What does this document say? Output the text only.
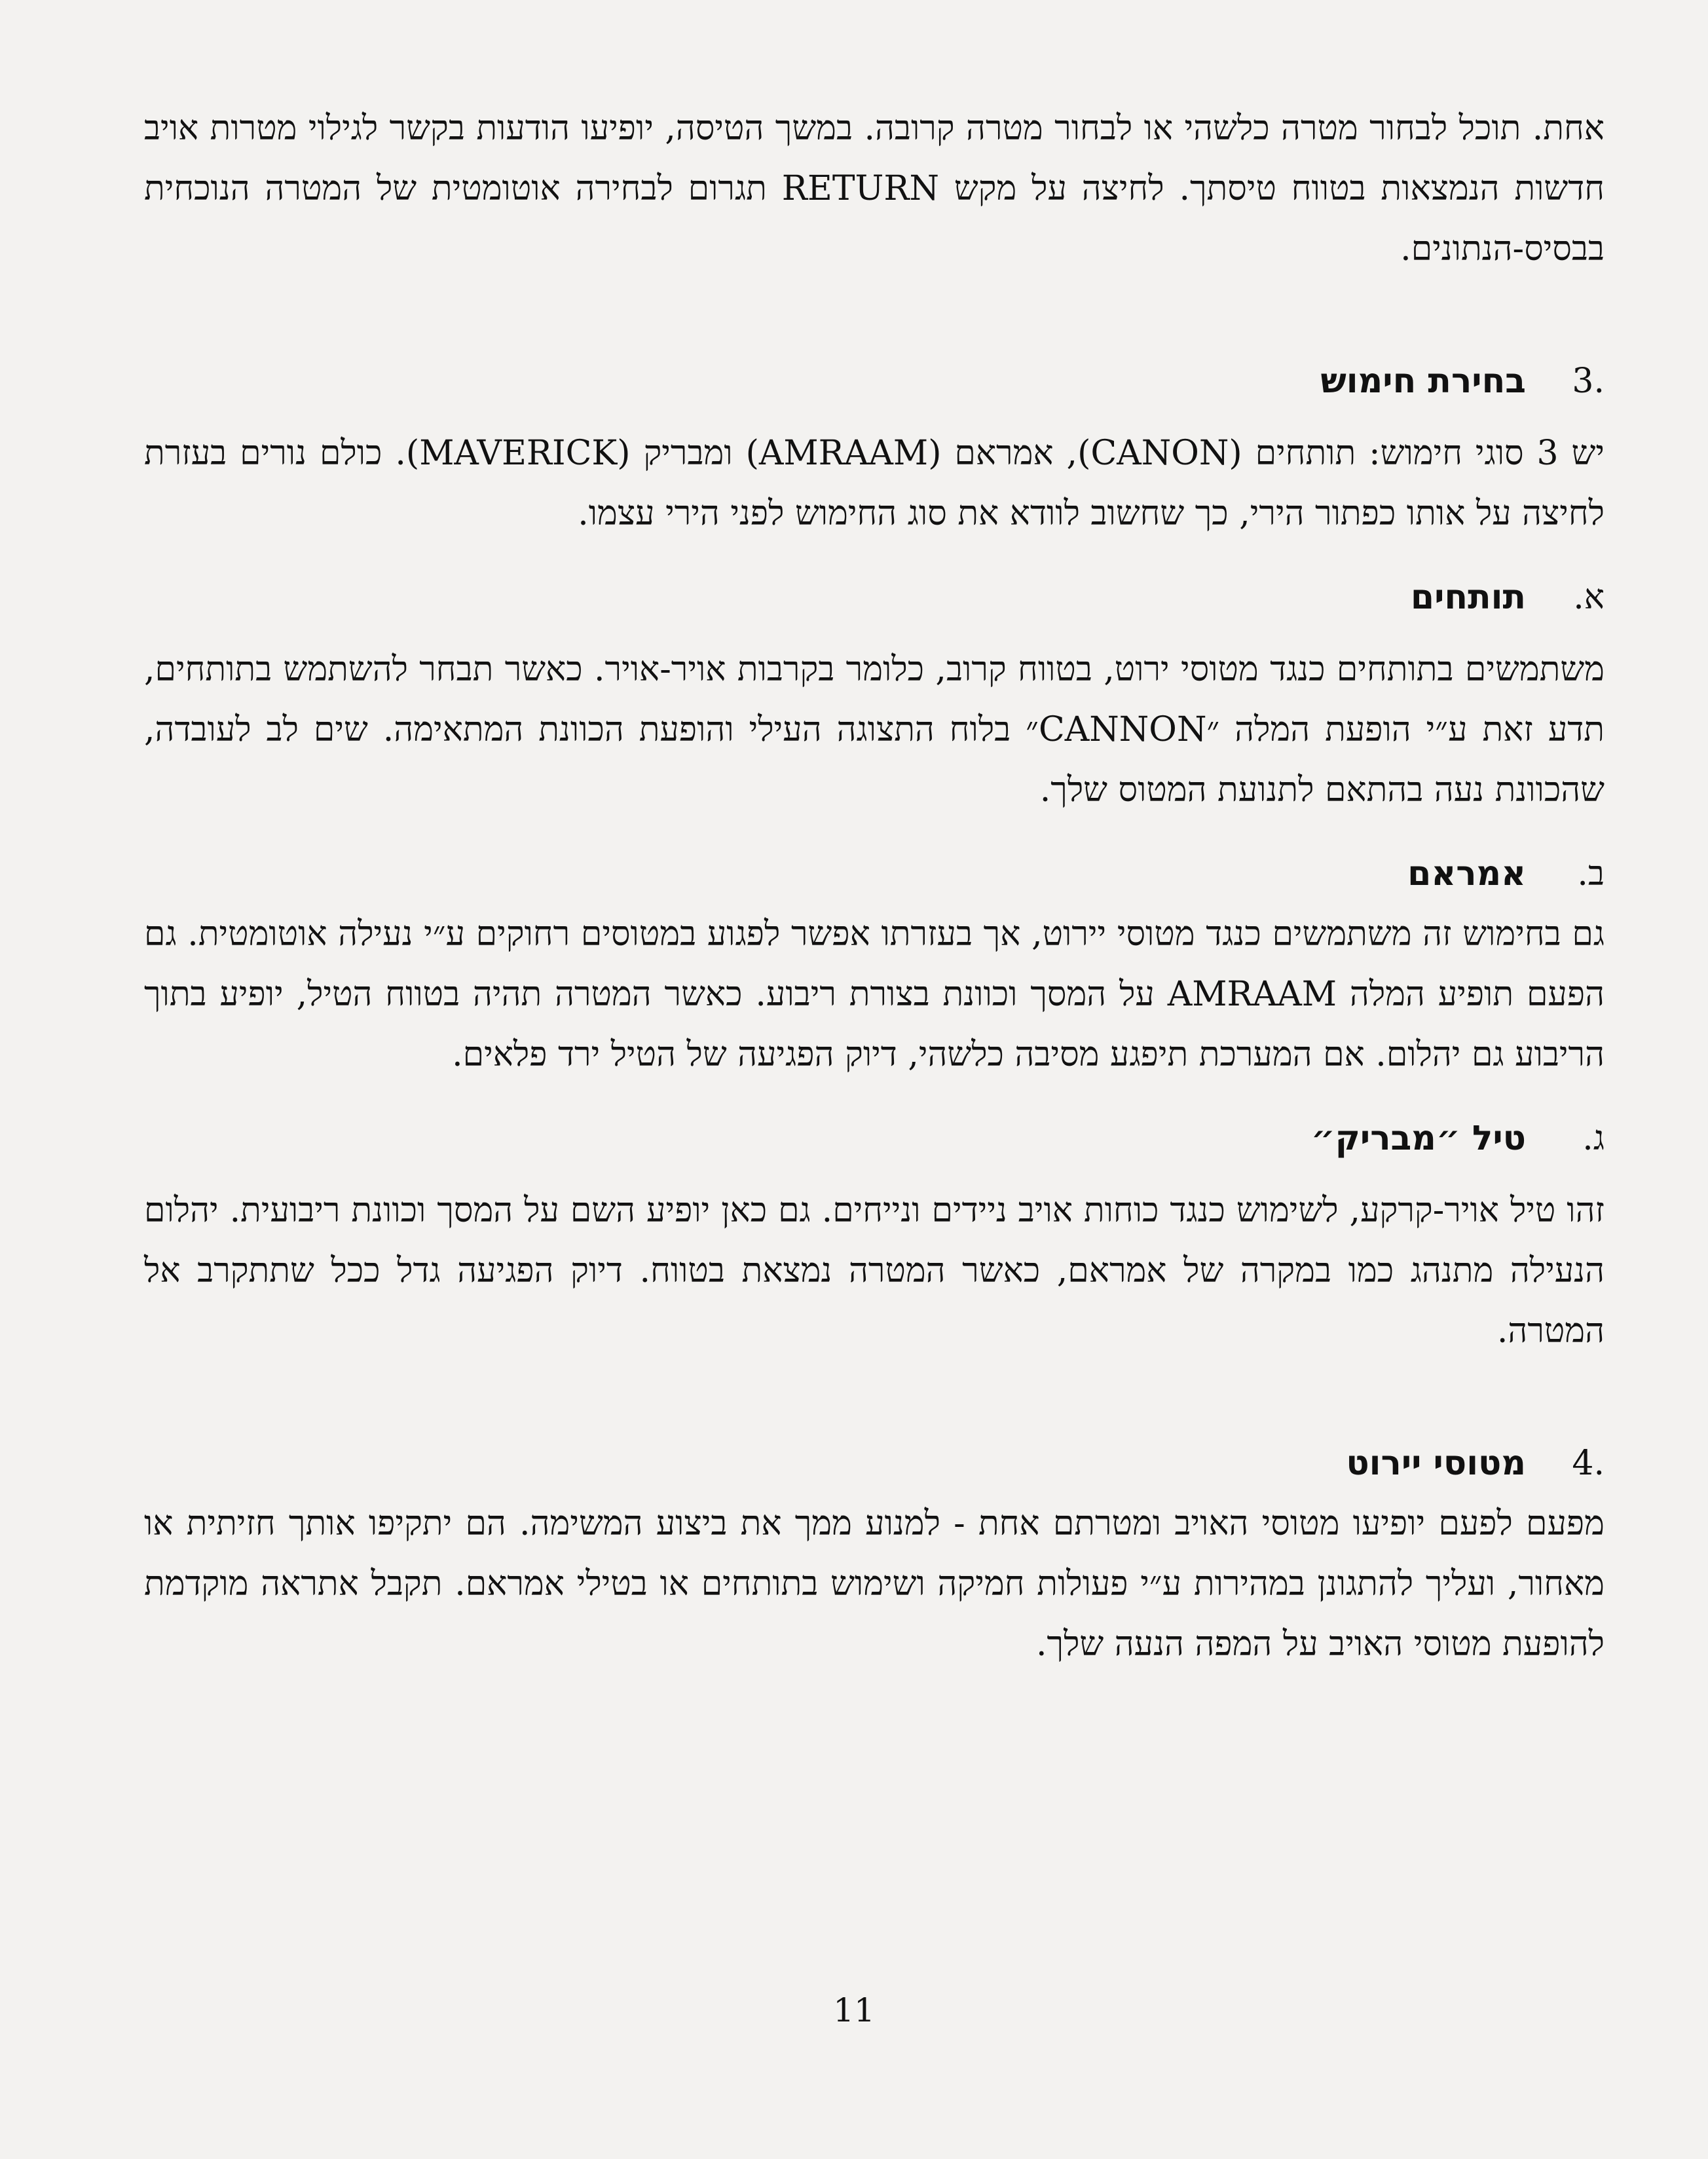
אחת. תוכל לבחור מטרה כלשהי או לבחור מטרה קרובה. במשך הטיסה, יופיעו הודעות בקשר לגילוי מטרות אויב חדשות הנמצאות בטווח טיסתך. לחיצה על מקש RETURN תגרום לבחירה אוטומטית של המטרה הנוכחית בבסיס-הנתונים.

.3
בחירת חימוש

יש 3 סוגי חימוש: תותחים (CANON), אמראם (AMRAAM) ומבריק (MAVERICK). כולם נורים בעזרת לחיצה על אותו כפתור הירי, כך שחשוב לוודא את סוג החימוש לפני הירי עצמו.

א.
תותחים

משתמשים בתותחים כנגד מטוסי ירוט, בטווח קרוב, כלומר בקרבות אויר-אויר. כאשר תבחר להשתמש בתותחים, תדע זאת ע״י הופעת המלה ״CANNON״ בלוח התצוגה העילי והופעת הכוונת המתאימה. שים לב לעובדה, שהכוונת נעה בהתאם לתנועת המטוס שלך.

ב.
אמראם

גם בחימוש זה משתמשים כנגד מטוסי יירוט, אך בעזרתו אפשר לפגוע במטוסים רחוקים ע״י נעילה אוטומטית. גם הפעם תופיע המלה AMRAAM על המסך וכוונת בצורת ריבוע. כאשר המטרה תהיה בטווח הטיל, יופיע בתוך הריבוע גם יהלום. אם המערכת תיפגע מסיבה כלשהי, דיוק הפגיעה של הטיל ירד פלאים.

ג.
טיל ״מבריק״

זהו טיל אויר-קרקע, לשימוש כנגד כוחות אויב ניידים ונייחים. גם כאן יופיע השם על המסך וכוונת ריבועית. יהלום הנעילה מתנהג כמו במקרה של אמראם, כאשר המטרה נמצאת בטווח. דיוק הפגיעה גדל ככל שתתקרב אל המטרה.

.4
מטוסי יירוט

מפעם לפעם יופיעו מטוסי האויב ומטרתם אחת - למנוע ממך את ביצוע המשימה. הם יתקיפו אותך חזיתית או מאחור, ועליך להתגונן במהירות ע״י פעולות חמיקה ושימוש בתותחים או בטילי אמראם. תקבל אתראה מוקדמת להופעת מטוסי האויב על המפה הנעה שלך.

11
